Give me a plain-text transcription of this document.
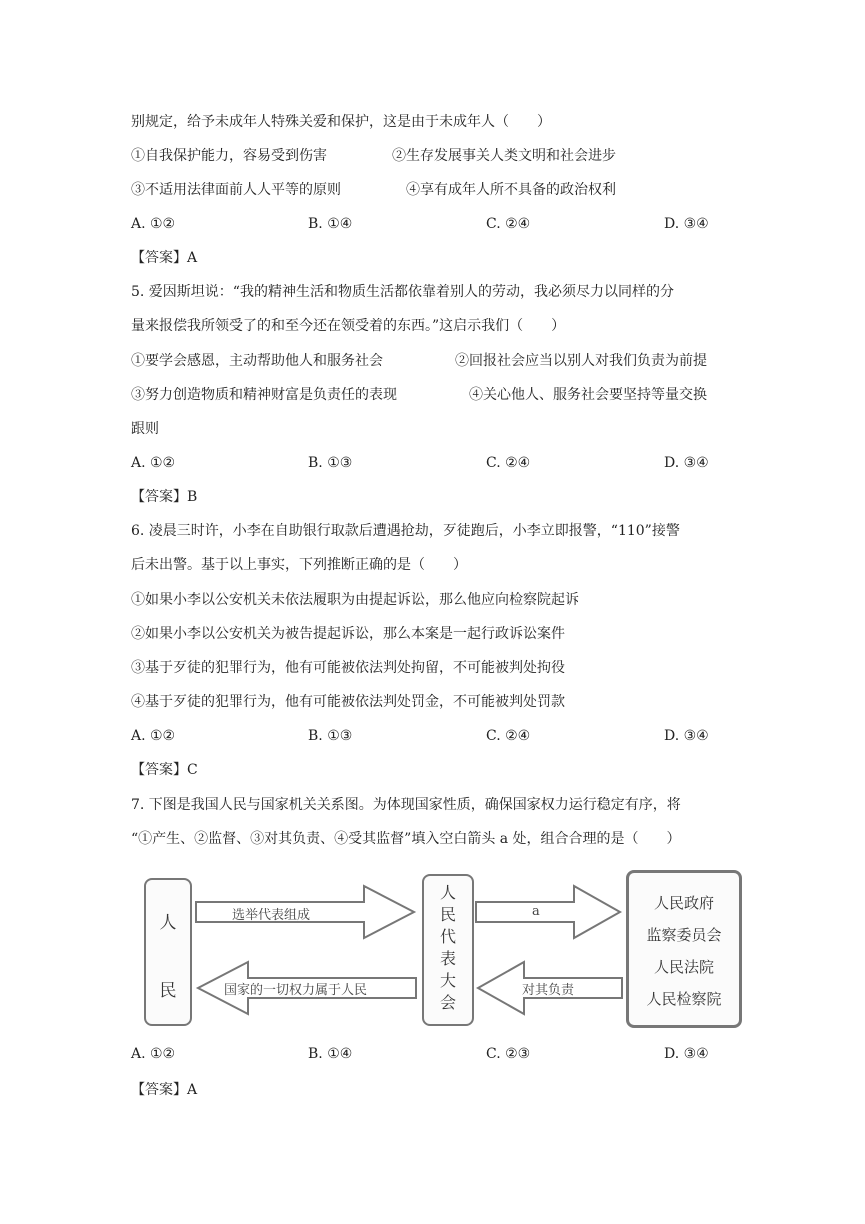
别规定，给予未成年人特殊关爱和保护，这是由于未成年人（　　）
①自我保护能力，容易受到伤害	②生存发展事关人类文明和社会进步
③不适用法律面前人人平等的原则	④享有成年人所不具备的政治权利
A. ①②	B. ①④	C. ②④	D. ③④
【答案】A
5. 爱因斯坦说：“我的精神生活和物质生活都依靠着别人的劳动，我必须尽力以同样的分
量来报偿我所领受了的和至今还在领受着的东西。”这启示我们（　　）
①要学会感恩，主动帮助他人和服务社会	②回报社会应当以别人对我们负责为前提
③努力创造物质和精神财富是负责任的表现	④关心他人、服务社会要坚持等量交换
跟则
A. ①②	B. ①③	C. ②④	D. ③④
【答案】B
6. 凌晨三时许，小李在自助银行取款后遭遇抢劫，歹徒跑后，小李立即报警，“110”接警
后未出警。基于以上事实，下列推断正确的是（　　）
①如果小李以公安机关未依法履职为由提起诉讼，那么他应向检察院起诉
②如果小李以公安机关为被告提起诉讼，那么本案是一起行政诉讼案件
③基于歹徒的犯罪行为，他有可能被依法判处拘留，不可能被判处拘役
④基于歹徒的犯罪行为，他有可能被依法判处罚金，不可能被判处罚款
A. ①②	B. ①③	C. ②④	D. ③④
【答案】C
7. 下图是我国人民与国家机关关系图。为体现国家性质，确保国家权力运行稳定有序，将
“①产生、②监督、③对其负责、④受其监督”填入空白箭头 a 处，组合合理的是（　　）
人
民
人
民
代
表
大
会
人民政府
监察委员会
人民法院
人民检察院
选举代表组成
国家的一切权力属于人民
a
对其负责
A. ①②	B. ①④	C. ②③	D. ③④
【答案】A
